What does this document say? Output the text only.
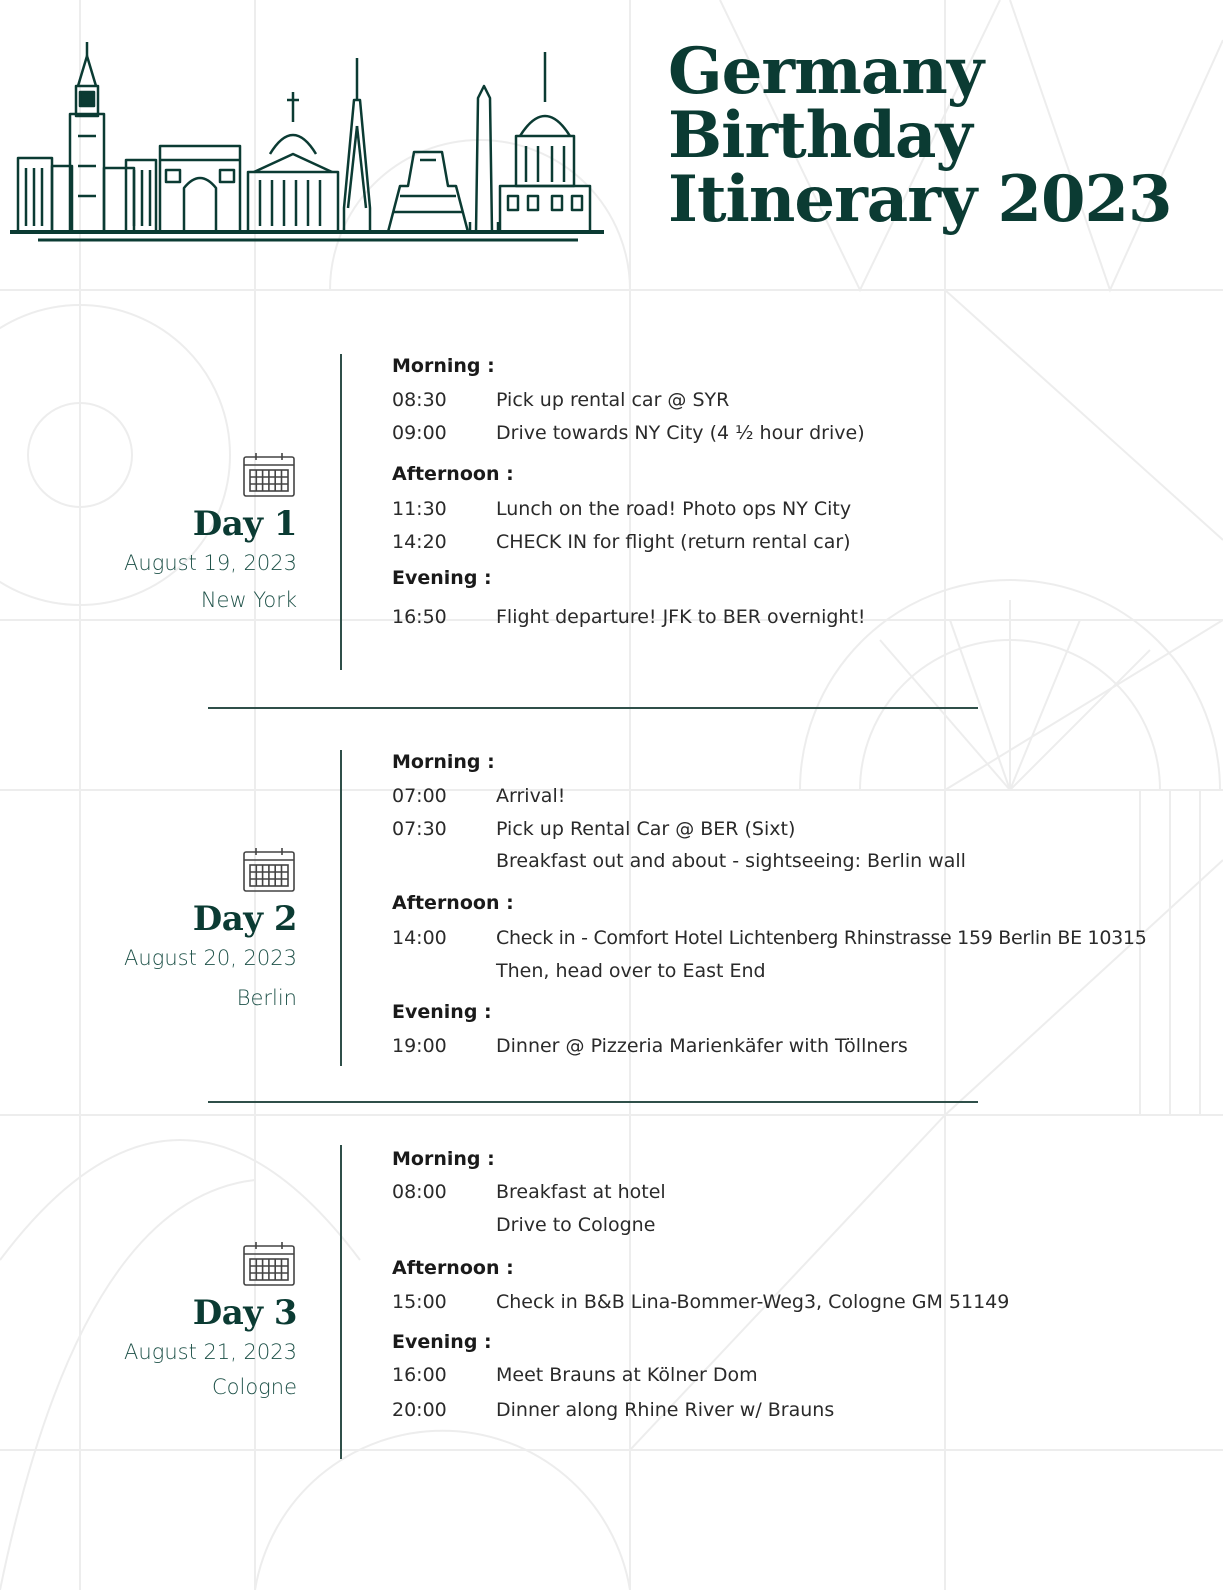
Germany
Birthday
Itinerary 2023
Day 1
August 19, 2023
New York
Morning :
08:30	Pick up rental car @ SYR
09:00	Drive towards NY City (4 ½ hour drive)
Afternoon :
11:30	Lunch on the road! Photo ops NY City
14:20	CHECK IN for flight (return rental car)
Evening :
16:50	Flight departure! JFK to BER overnight!
Day 2
August 20, 2023
Berlin
Morning :
07:00	Arrival!
07:30	Pick up Rental Car @ BER (Sixt)
Breakfast out and about - sightseeing: Berlin wall
Afternoon :
14:00	Check in - Comfort Hotel Lichtenberg Rhinstrasse 159 Berlin BE 10315
Then, head over to East End
Evening :
19:00	Dinner @ Pizzeria Marienkäfer with Töllners
Day 3
August 21, 2023
Cologne
Morning :
08:00	Breakfast at hotel
Drive to Cologne
Afternoon :
15:00	Check in B&B Lina-Bommer-Weg3, Cologne GM 51149
Evening :
16:00	Meet Brauns at Kölner Dom
20:00	Dinner along Rhine River w/ Brauns
